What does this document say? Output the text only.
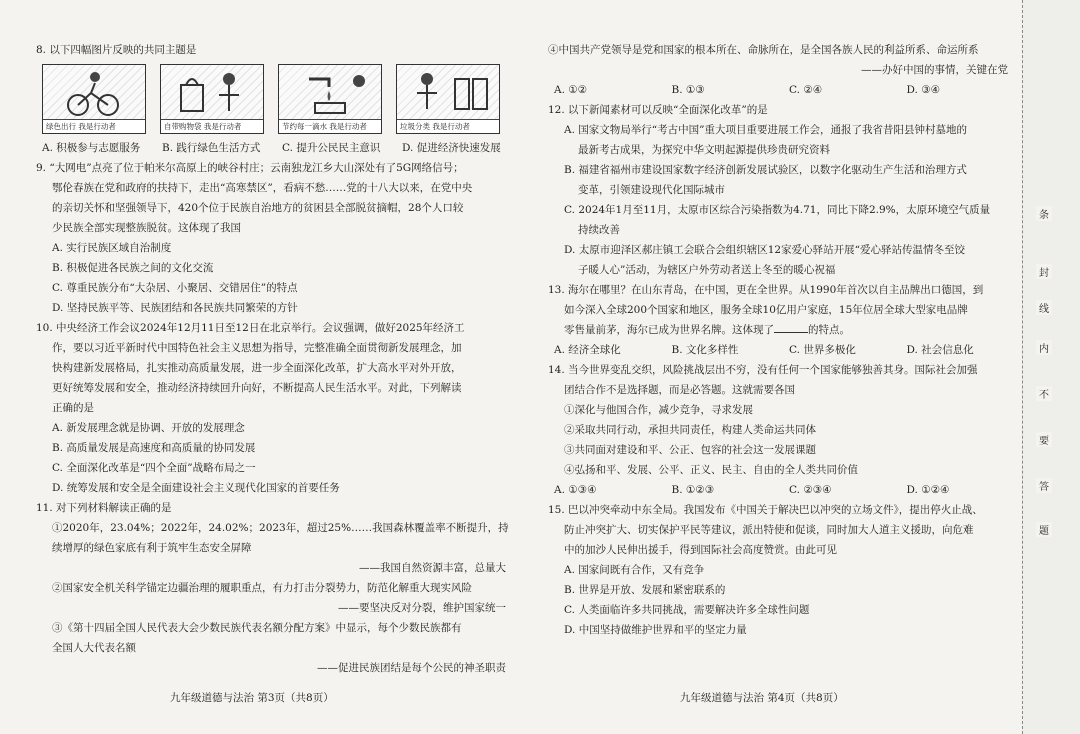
8. 以下四幅图片反映的共同主题是
绿色出行 我是行动者	自带购物袋 我是行动者	节约每一滴水 我是行动者	垃圾分类 我是行动者
A. 积极参与志愿服务	B. 践行绿色生活方式	C. 提升公民民主意识	D. 促进经济快速发展
9. “大网电”点亮了位于帕米尔高原上的峡谷村庄；云南独龙江乡大山深处有了5G网络信号；
鄂伦春族在党和政府的扶持下，走出“高寒禁区”，看病不愁……党的十八大以来，在党中央
的亲切关怀和坚强领导下，420个位于民族自治地方的贫困县全部脱贫摘帽，28个人口较
少民族全部实现整族脱贫。这体现了我国
A. 实行民族区域自治制度
B. 积极促进各民族之间的文化交流
C. 尊重民族分布“大杂居、小聚居、交错居住”的特点
D. 坚持民族平等、民族团结和各民族共同繁荣的方针
10. 中央经济工作会议2024年12月11日至12日在北京举行。会议强调，做好2025年经济工
作，要以习近平新时代中国特色社会主义思想为指导，完整准确全面贯彻新发展理念，加
快构建新发展格局，扎实推动高质量发展，进一步全面深化改革，扩大高水平对外开放，
更好统筹发展和安全，推动经济持续回升向好，不断提高人民生活水平。对此，下列解读
正确的是
A. 新发展理念就是协调、开放的发展理念
B. 高质量发展是高速度和高质量的协同发展
C. 全面深化改革是“四个全面”战略布局之一
D. 统筹发展和安全是全面建设社会主义现代化国家的首要任务
11. 对下列材料解读正确的是
①2020年，23.04%；2022年，24.02%；2023年，超过25%……我国森林覆盖率不断提升，持
续增厚的绿色家底有利于筑牢生态安全屏障
——我国自然资源丰富，总量大
②国家安全机关科学锚定边疆治理的履职重点，有力打击分裂势力，防范化解重大现实风险
——要坚决反对分裂，维护国家统一
③《第十四届全国人民代表大会少数民族代表名额分配方案》中显示，每个少数民族都有
全国人大代表名额
——促进民族团结是每个公民的神圣职责
九年级道德与法治 第3页（共8页）
④中国共产党领导是党和国家的根本所在、命脉所在，是全国各族人民的利益所系、命运所系
——办好中国的事情，关键在党
A. ①②	B. ①③	C. ②④	D. ③④
12. 以下新闻素材可以反映“全面深化改革”的是
A. 国家文物局举行“考古中国”重大项目重要进展工作会，通报了我省昔阳县钟村墓地的
最新考古成果，为探究中华文明起源提供珍贵研究资料
B. 福建省福州市建设国家数字经济创新发展试验区，以数字化驱动生产生活和治理方式
变革，引领建设现代化国际城市
C. 2024年1月至11月，太原市区综合污染指数为4.71，同比下降2.9%，太原环境空气质量
持续改善
D. 太原市迎泽区郝庄镇工会联合会组织辖区12家爱心驿站开展“爱心驿站传温情冬至饺
子暖人心”活动，为辖区户外劳动者送上冬至的暖心祝福
13. 海尔在哪里？在山东青岛，在中国，更在全世界。从1990年首次以自主品牌出口德国，到
如今深入全球200个国家和地区，服务全球10亿用户家庭，15年位居全球大型家电品牌
零售量前茅，海尔已成为世界名牌。这体现了	的特点。
A. 经济全球化	B. 文化多样性	C. 世界多极化	D. 社会信息化
14. 当今世界变乱交织，风险挑战层出不穷，没有任何一个国家能够独善其身。国际社会加强
团结合作不是选择题，而是必答题。这就需要各国
①深化与他国合作，减少竞争，寻求发展
②采取共同行动，承担共同责任，构建人类命运共同体
③共同面对建设和平、公正、包容的社会这一发展课题
④弘扬和平、发展、公平、正义、民主、自由的全人类共同价值
A. ①③④	B. ①②③	C. ②③④	D. ①②④
15. 巴以冲突牵动中东全局。我国发布《中国关于解决巴以冲突的立场文件》，提出停火止战、
防止冲突扩大、切实保护平民等建议，派出特使和促谈，同时加大人道主义援助，向危难
中的加沙人民伸出援手，得到国际社会高度赞赏。由此可见
A. 国家间既有合作，又有竞争
B. 世界是开放、发展和紧密联系的
C. 人类面临许多共同挑战，需要解决许多全球性问题
D. 中国坚持做维护世界和平的坚定力量
九年级道德与法治 第4页（共8页）
条
封
线
内
不
要
答
题
